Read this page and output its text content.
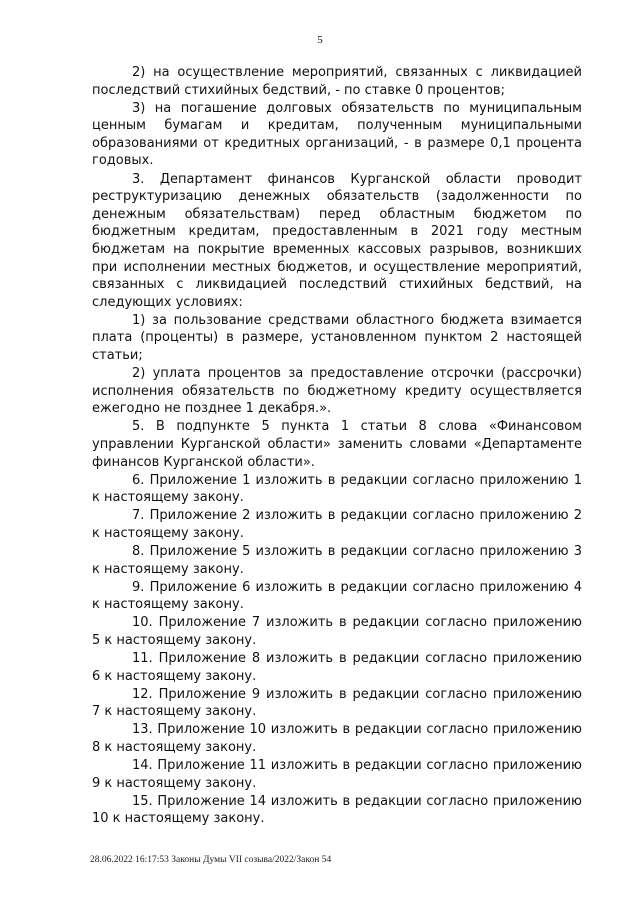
5

2) на осуществление мероприятий, связанных с ликвидацией последствий стихийных бедствий, - по ставке 0 процентов;

3) на погашение долговых обязательств по муниципальным ценным бумагам и кредитам, полученным муниципальными образованиями от кредитных организаций, - в размере 0,1 процента годовых.

3. Департамент финансов Курганской области проводит реструктуризацию денежных обязательств (задолженности по денежным обязательствам) перед областным бюджетом по бюджетным кредитам, предоставленным в 2021 году местным бюджетам на покрытие временных кассовых разрывов, возникших при исполнении местных бюджетов, и осуществление мероприятий, связанных с ликвидацией последствий стихийных бедствий, на следующих условиях:

1) за пользование средствами областного бюджета взимается плата (проценты) в размере, установленном пунктом 2 настоящей статьи;

2) уплата процентов за предоставление отсрочки (рассрочки) исполнения обязательств по бюджетному кредиту осуществляется ежегодно не позднее 1 декабря.».

5. В подпункте 5 пункта 1 статьи 8 слова «Финансовом управлении Курганской области» заменить словами «Департаменте финансов Курганской области».

6. Приложение 1 изложить в редакции согласно приложению 1 к настоящему закону.

7. Приложение 2 изложить в редакции согласно приложению 2 к настоящему закону.

8. Приложение 5 изложить в редакции согласно приложению 3 к настоящему закону.

9. Приложение 6 изложить в редакции согласно приложению 4 к настоящему закону.

10. Приложение 7 изложить в редакции согласно приложению 5 к настоящему закону.

11. Приложение 8 изложить в редакции согласно приложению 6 к настоящему закону.

12. Приложение 9 изложить в редакции согласно приложению 7 к настоящему закону.

13. Приложение 10 изложить в редакции согласно приложению 8 к настоящему закону.

14. Приложение 11 изложить в редакции согласно приложению 9 к настоящему закону.

15. Приложение 14 изложить в редакции согласно приложению 10 к настоящему закону.

28.06.2022 16:17:53 Законы Думы VII созыва/2022/Закон 54
